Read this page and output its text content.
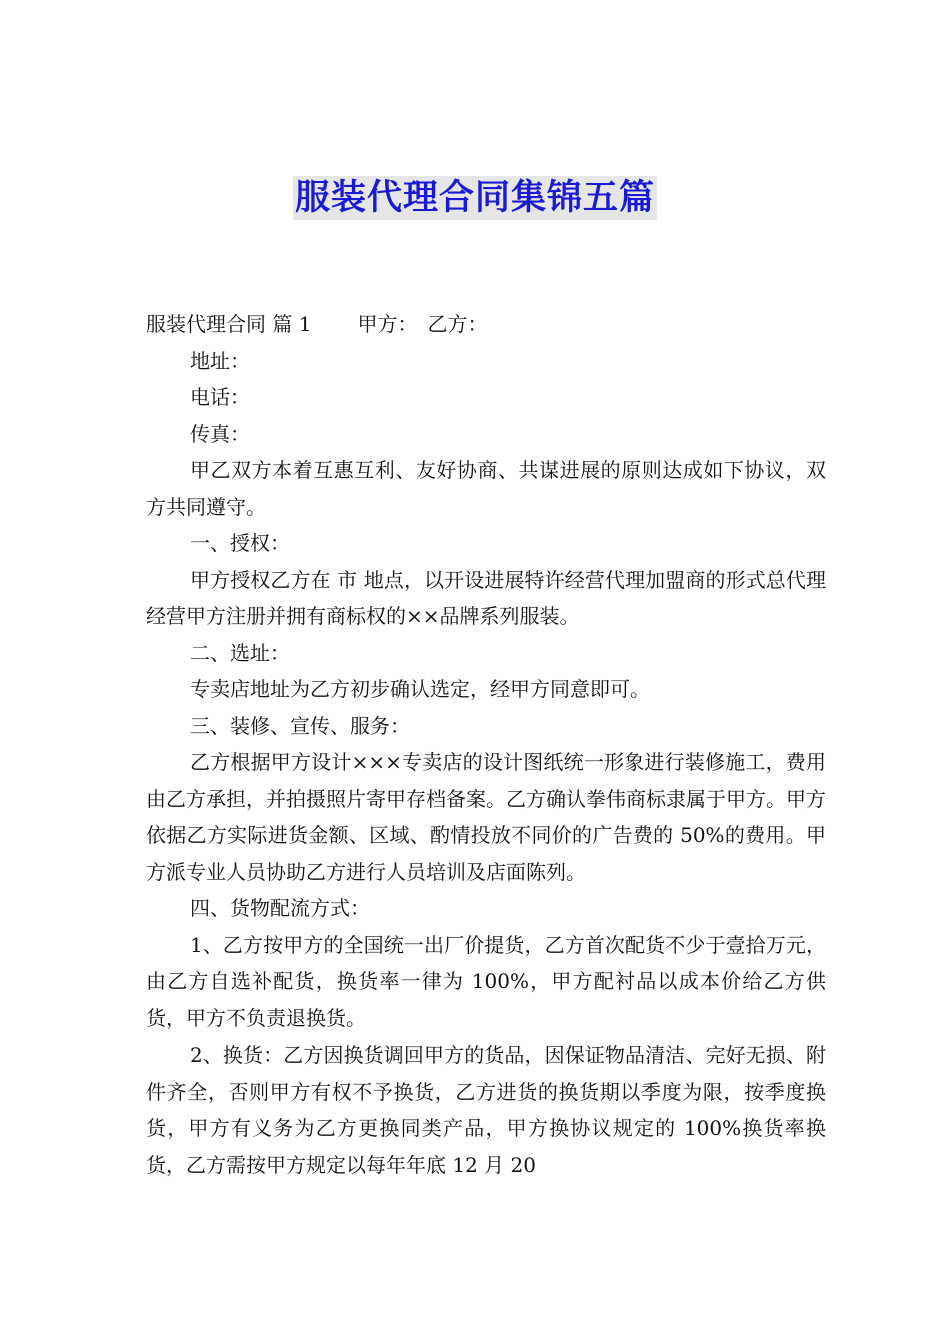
服装代理合同集锦五篇

服装代理合同 篇 1 甲方： 乙方：

地址：

电话：

传真：

甲乙双方本着互惠互利、友好协商、共谋进展的原则达成如下协议，双方共同遵守。

一、授权：

甲方授权乙方在 市 地点，以开设进展特许经营代理加盟商的形式总代理经营甲方注册并拥有商标权的××品牌系列服装。

二、选址：

专卖店地址为乙方初步确认选定，经甲方同意即可。

三、装修、宣传、服务：

乙方根据甲方设计×××专卖店的设计图纸统一形象进行装修施工，费用由乙方承担，并拍摄照片寄甲存档备案。乙方确认拳伟商标隶属于甲方。甲方依据乙方实际进货金额、区域、酌情投放不同价的广告费的 50%的费用。甲方派专业人员协助乙方进行人员培训及店面陈列。

四、货物配流方式：

1、乙方按甲方的全国统一出厂价提货，乙方首次配货不少于壹拾万元，由乙方自选补配货，换货率一律为 100%，甲方配衬品以成本价给乙方供货，甲方不负责退换货。

2、换货：乙方因换货调回甲方的货品，因保证物品清洁、完好无损、附件齐全，否则甲方有权不予换货，乙方进货的换货期以季度为限，按季度换货，甲方有义务为乙方更换同类产品，甲方换协议规定的 100%换货率换货，乙方需按甲方规定以每年年底 12 月 20
